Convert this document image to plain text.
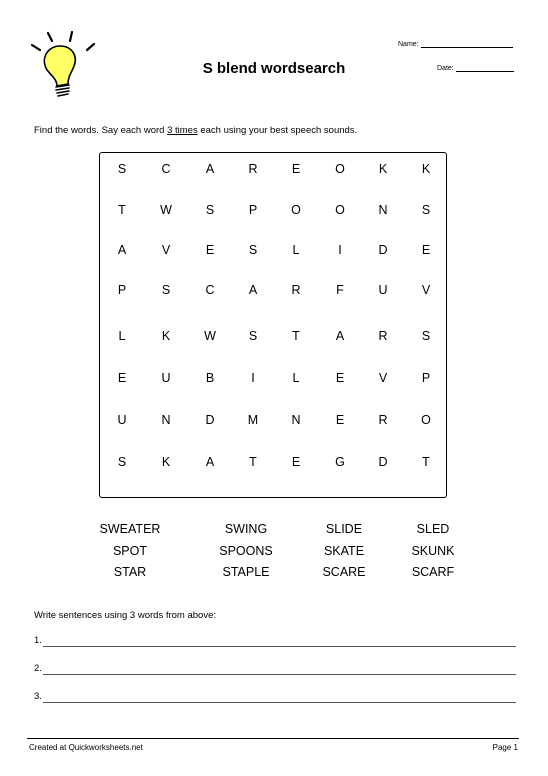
S blend wordsearch
Name:
Date:
Find the words. Say each word 3 times each using your best speech sounds.
S	C	A	R	E	O	K	K
T	W	S	P	O	O	N	S
A	V	E	S	L	I	D	E
P	S	C	A	R	F	U	V
L	K	W	S	T	A	R	S
E	U	B	I	L	E	V	P
U	N	D	M	N	E	R	O
S	K	A	T	E	G	D	T
SWEATER	SWING	SLIDE	SLED
SPOT	SPOONS	SKATE	SKUNK
STAR	STAPLE	SCARE	SCARF
Write sentences using 3 words from above:
1.
2.
3.
Created at Quickworksheets.net	Page 1
